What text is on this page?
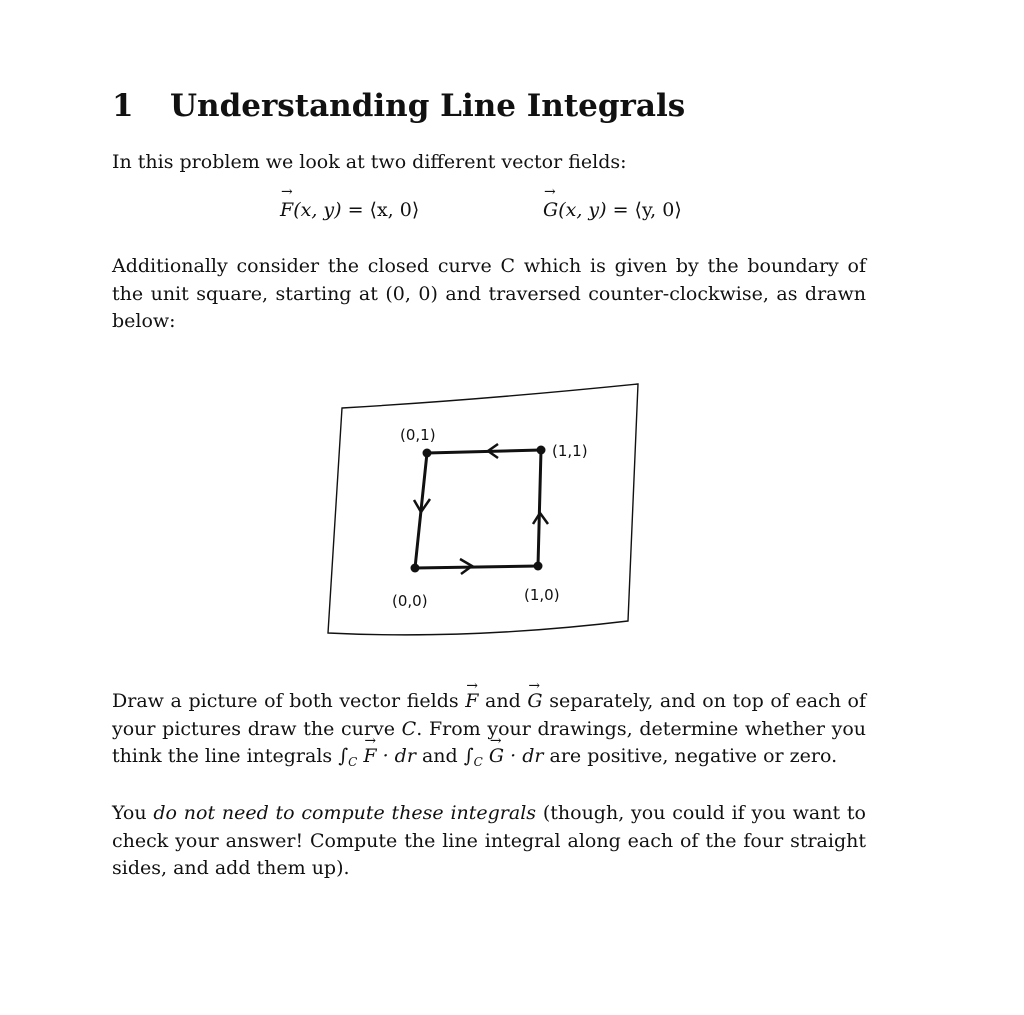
1 Understanding Line Integrals
In this problem we look at two different vector fields:
→ F(x, y) = ⟨x, 0⟩	→ G(x, y) = ⟨y, 0⟩
Additionally consider the closed curve C which is given by the boundary of the unit square, starting at (0, 0) and traversed counter-clockwise, as drawn below:
(0,1)
(1,1)
(0,0)	(1,0)
Draw a picture of both vector fields → F and → G separately, and on top of each of your pictures draw the curve C. From your drawings, determine whether you think the line integrals $\int_C \to F$ · dr and $\int_C \to G$ · dr are positive, negative or zero.
You do not need to compute these integrals (though, you could if you want to check your answer! Compute the line integral along each of the four straight sides, and add them up).
